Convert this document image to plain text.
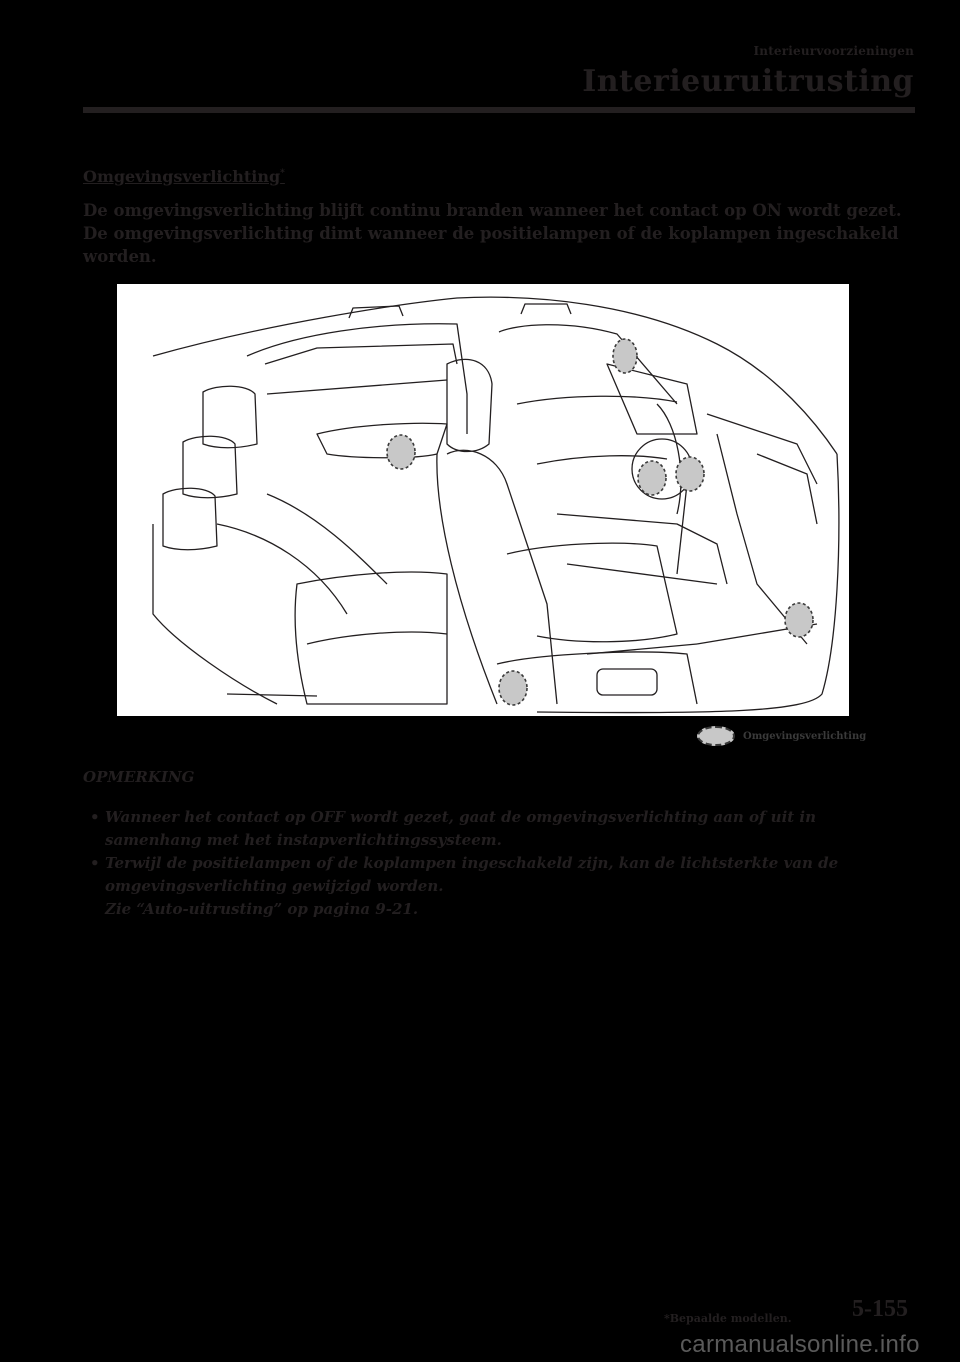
Interieurvoorzieningen
Interieuruitrusting
Omgevingsverlichting*

De omgevingsverlichting blijft continu branden wanneer het contact op ON wordt gezet.

De omgevingsverlichting dimt wanneer de positielampen of de koplampen ingeschakeld worden.

Omgevingsverlichting
OPMERKING
• Wanneer het contact op OFF wordt gezet, gaat de omgevingsverlichting aan of uit in
samenhang met het instapverlichtingssysteem.
• Terwijl de positielampen of de koplampen ingeschakeld zijn, kan de lichtsterkte van de
omgevingsverlichting gewijzigd worden.
Zie “Auto-uitrusting” op pagina 9-21.
*Bepaalde modellen.	5-155
carmanualsonline.info
